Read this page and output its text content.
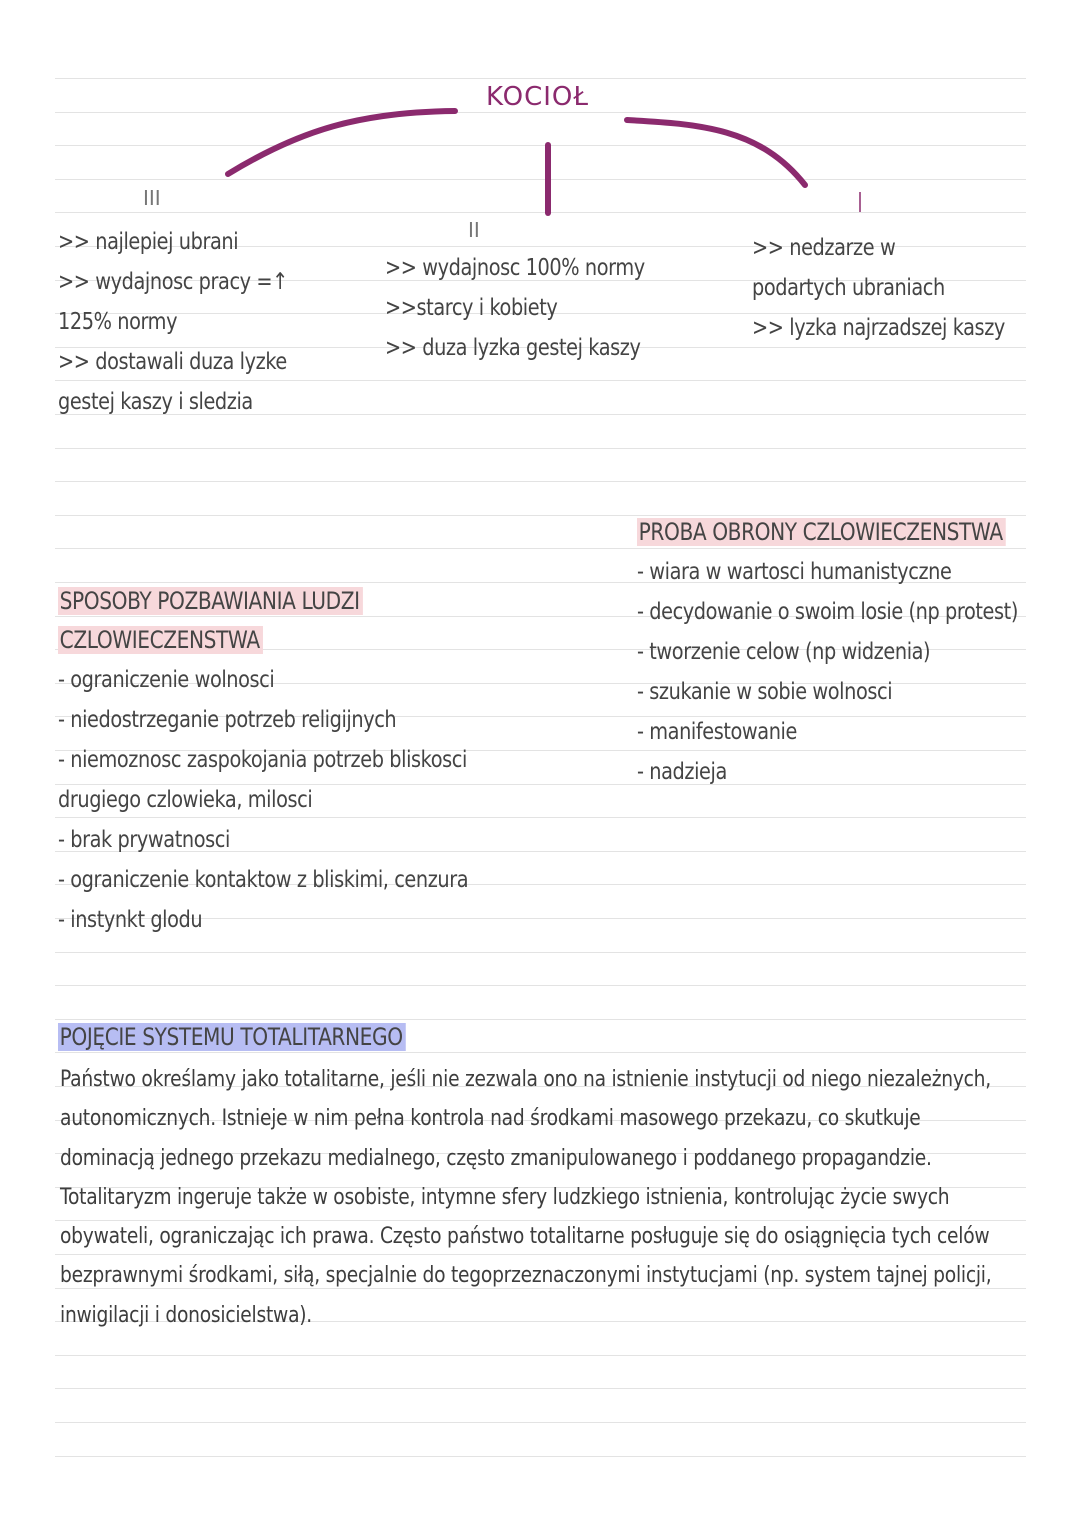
KOCIOŁ
III
II
>> najlepiej ubrani
>> wydajnosc pracy =↑
125% normy
>> dostawali duza lyzke
gestej kaszy i sledzia
>> wydajnosc 100% normy
>>starcy i kobiety
>> duza lyzka gestej kaszy
>> nedzarze w
podartych ubraniach
>> lyzka najrzadszej kaszy
PROBA OBRONY CZLOWIECZENSTWA
- wiara w wartosci humanistyczne
- decydowanie o swoim losie (np protest)
- tworzenie celow (np widzenia)
- szukanie w sobie wolnosci
- manifestowanie
- nadzieja
SPOSOBY POZBAWIANIA LUDZI
CZLOWIECZENSTWA
- ograniczenie wolnosci
- niedostrzeganie potrzeb religijnych
- niemoznosc zaspokojania potrzeb bliskosci
drugiego czlowieka, milosci
- brak prywatnosci
- ograniczenie kontaktow z bliskimi, cenzura
- instynkt glodu
POJĘCIE SYSTEMU TOTALITARNEGO
Państwo określamy jako totalitarne, jeśli nie zezwala ono na istnienie instytucji od niego niezależnych,
autonomicznych. Istnieje w nim pełna kontrola nad środkami masowego przekazu, co skutkuje
dominacją jednego przekazu medialnego, często zmanipulowanego i poddanego propagandzie.
Totalitaryzm ingeruje także w osobiste, intymne sfery ludzkiego istnienia, kontrolując życie swych
obywateli, ograniczając ich prawa. Często państwo totalitarne posługuje się do osiągnięcia tych celów
bezprawnymi środkami, siłą, specjalnie do tegoprzeznaczonymi instytucjami (np. system tajnej policji,
inwigilacji i donosicielstwa).
